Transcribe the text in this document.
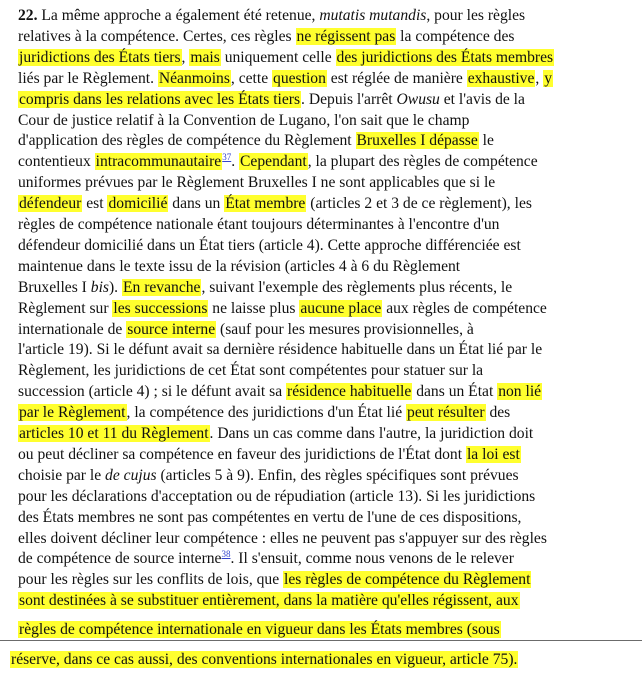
22. La même approche a également été retenue, mutatis mutandis, pour les règles
relatives à la compétence. Certes, ces règles ne régissent pas la compétence des
juridictions des États tiers, mais uniquement celle des juridictions des États membres
liés par le Règlement. Néanmoins, cette question est réglée de manière exhaustive, y
compris dans les relations avec les États tiers. Depuis l'arrêt Owusu et l'avis de la
Cour de justice relatif à la Convention de Lugano, l'on sait que le champ
d'application des règles de compétence du Règlement Bruxelles I dépasse le
contentieux intracommunautaire$^{37}$. Cependant, la plupart des règles de compétence
uniformes prévues par le Règlement Bruxelles I ne sont applicables que si le
défendeur est domicilié dans un État membre (articles 2 et 3 de ce règlement), les
règles de compétence nationale étant toujours déterminantes à l'encontre d'un
défendeur domicilié dans un État tiers (article 4). Cette approche différenciée est
maintenue dans le texte issu de la révision (articles 4 à 6 du Règlement
Bruxelles I bis). En revanche, suivant l'exemple des règlements plus récents, le
Règlement sur les successions ne laisse plus aucune place aux règles de compétence
internationale de source interne (sauf pour les mesures provisionnelles, à
l'article 19). Si le défunt avait sa dernière résidence habituelle dans un État lié par le
Règlement, les juridictions de cet État sont compétentes pour statuer sur la
succession (article 4) ; si le défunt avait sa résidence habituelle dans un État non lié
par le Règlement, la compétence des juridictions d'un État lié peut résulter des
articles 10 et 11 du Règlement. Dans un cas comme dans l'autre, la juridiction doit
ou peut décliner sa compétence en faveur des juridictions de l'État dont la loi est
choisie par le de cujus (articles 5 à 9). Enfin, des règles spécifiques sont prévues
pour les déclarations d'acceptation ou de répudiation (article 13). Si les juridictions
des États membres ne sont pas compétentes en vertu de l'une de ces dispositions,
elles doivent décliner leur compétence : elles ne peuvent pas s'appuyer sur des règles
de compétence de source interne$^{38}$. Il s'ensuit, comme nous venons de le relever
pour les règles sur les conflits de lois, que les règles de compétence du Règlement
sont destinées à se substituer entièrement, dans la matière qu'elles régissent, aux
règles de compétence internationale en vigueur dans les États membres (sous
réserve, dans ce cas aussi, des conventions internationales en vigueur, article 75).
